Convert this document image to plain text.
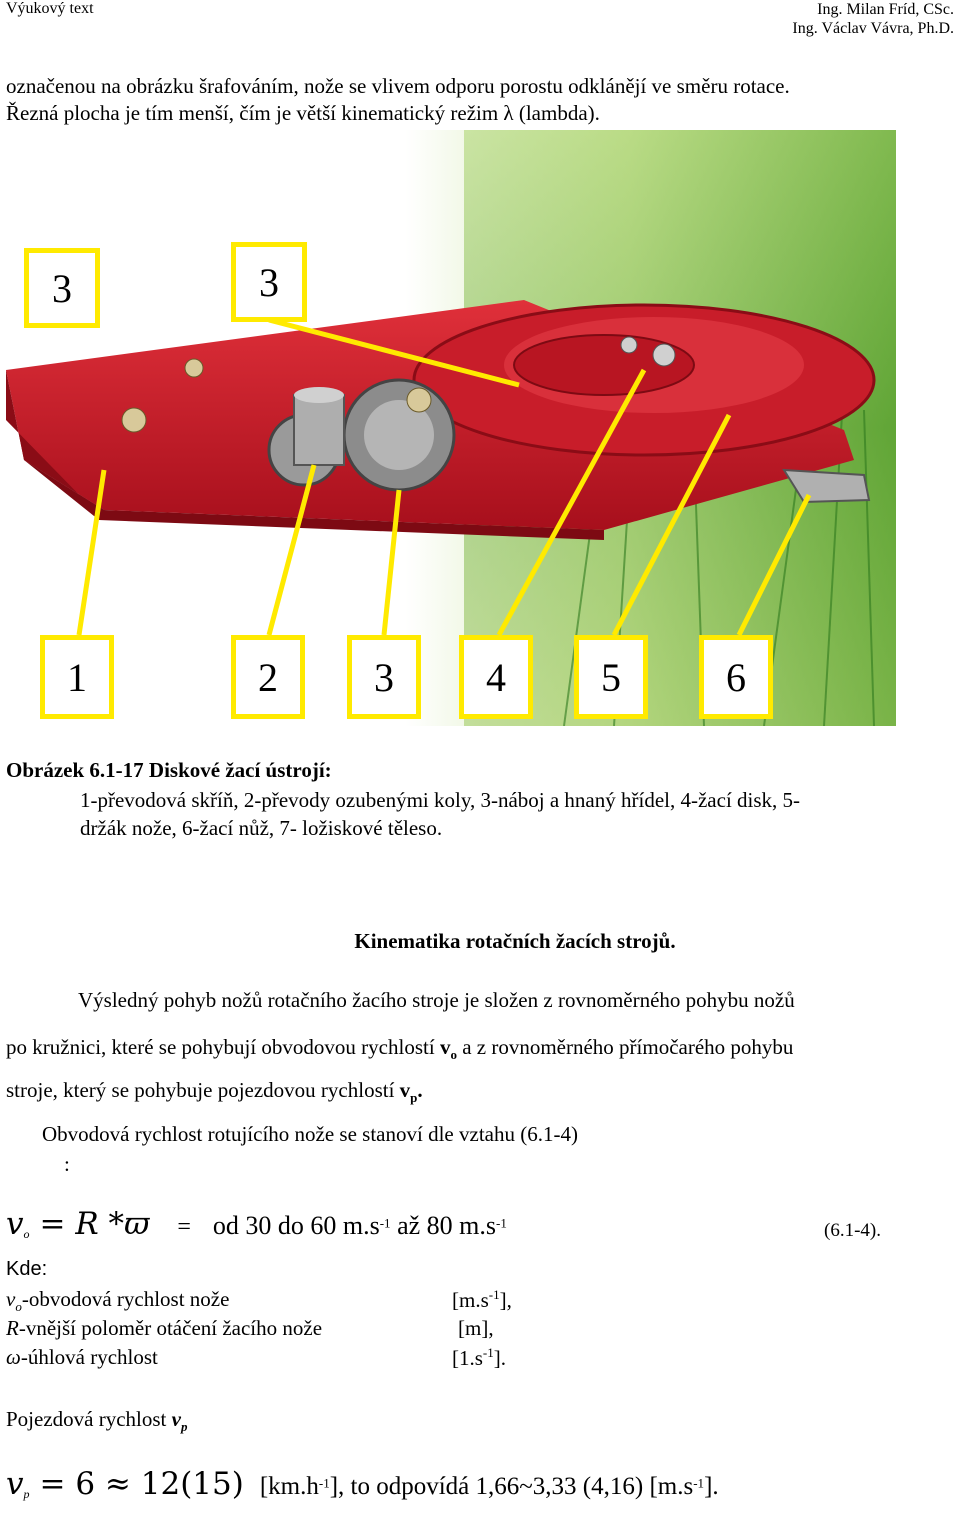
Výukový text	Ing. Milan Fríd, CSc.
Ing. Václav Vávra, Ph.D.
označenou na obrázku šrafováním, nože se vlivem odporu porostu odklánějí ve směru rotace.
Řezná plocha je tím menší, čím je větší kinematický režim λ (lambda).
3	3
1	2	3	4	5	6
Obrázek 6.1-17 Diskové žací ústrojí:
1-převodová skříň, 2-převody ozubenými koly, 3-náboj a hnaný hřídel, 4-žací disk, 5-
držák nože, 6-žací nůž, 7- ložiskové těleso.
Kinematika rotačních žacích strojů.
Výsledný pohyb nožů rotačního žacího stroje je složen z rovnoměrného pohybu nožů
po kružnici, které se pohybují obvodovou rychlostí $v_o$ a z rovnoměrného přímočarého pohybu
stroje, který se pohybuje pojezdovou rychlostí $v_p$.
Obvodová rychlost rotujícího nože se stanoví dle vztahu (6.1-4)
:
$v_o = R$ *ϖ = od 30 do 60 $m.s^{-1}$ až 80 $m.s^{-1}$	(6.1-4).
Kde:
$v_o$-obvodová rychlost nože	$[m.s^{-1}]$,
R-vnější poloměr otáčení žacího nože	[m],
ω-úhlová rychlost	$[1.s^{-1}]$.
Pojezdová rychlost $v_p$
$v_p = 6 \approx 12(15)$ $[km.h^{-1}]$, to odpovídá 1,66~3,33 (4,16) $[m.s^{-1}]$.
